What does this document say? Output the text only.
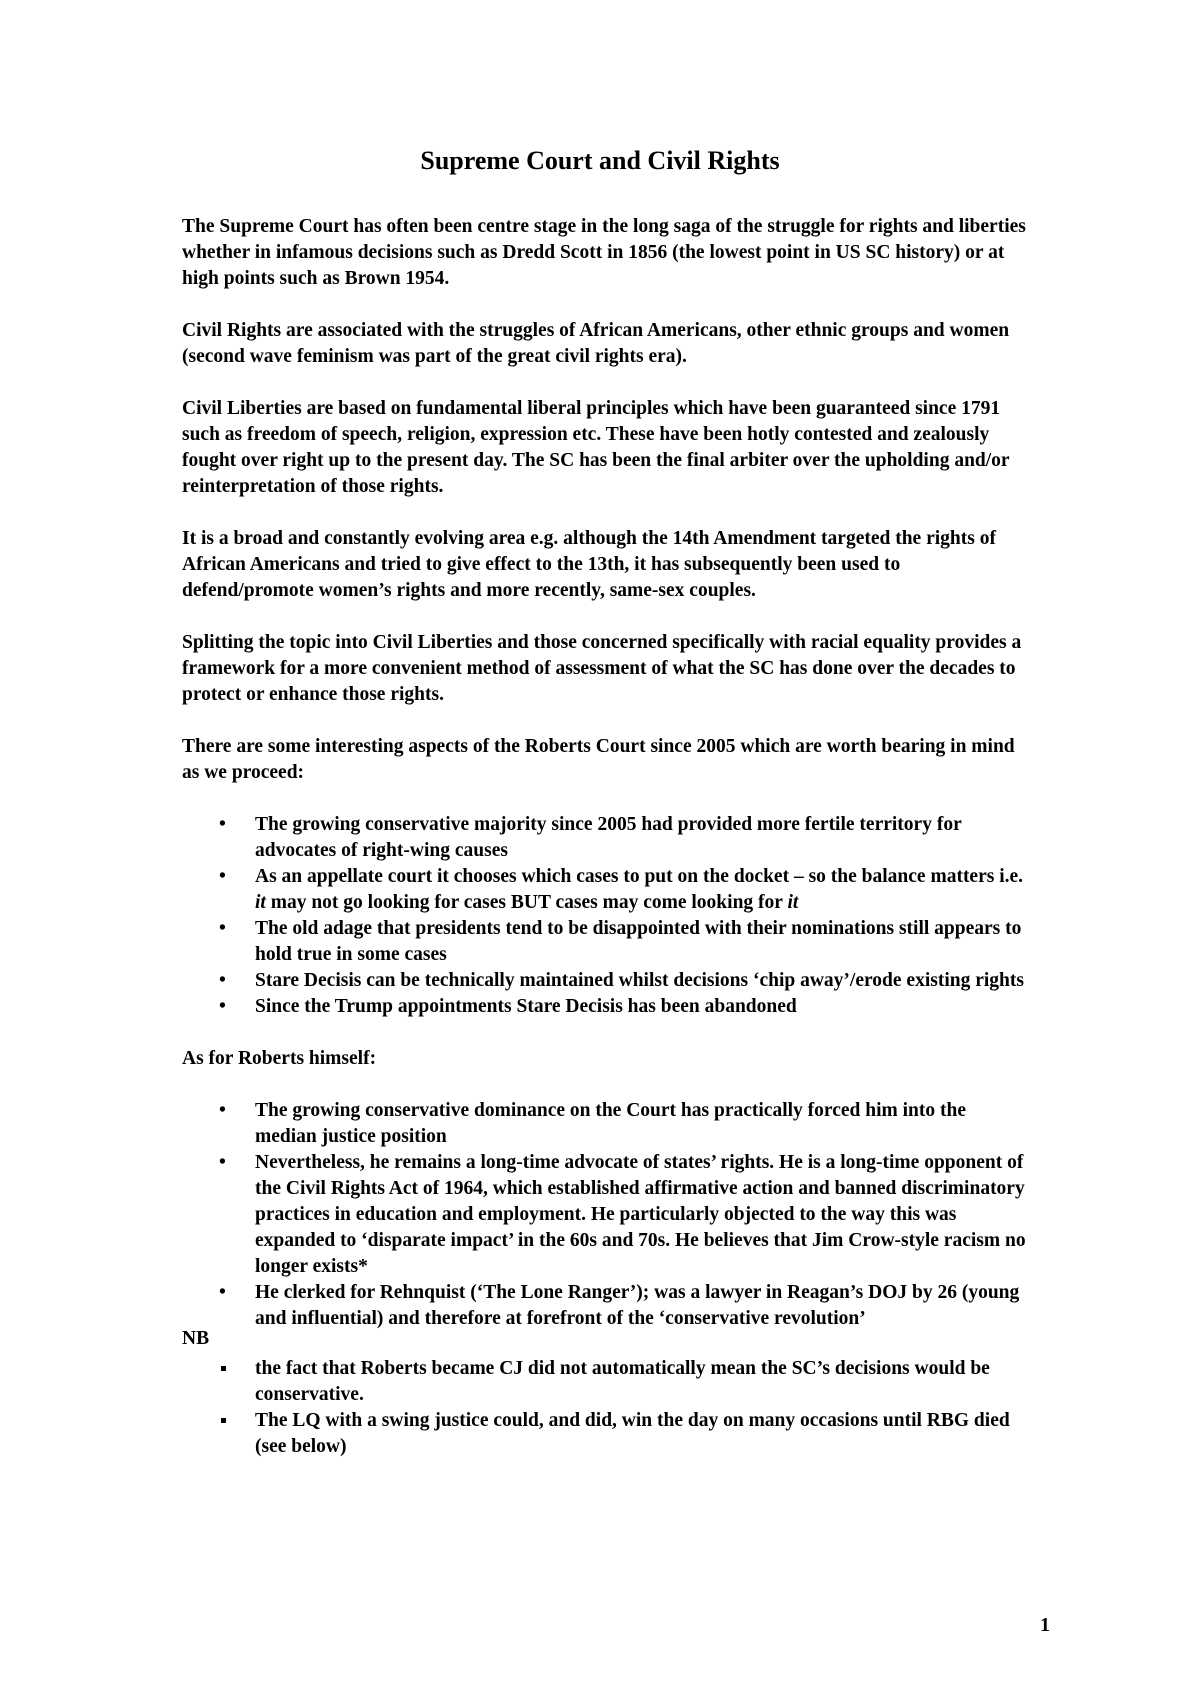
Supreme Court and Civil Rights

The Supreme Court has often been centre stage in the long saga of the struggle for rights and liberties whether in infamous decisions such as Dredd Scott in 1856 (the lowest point in US SC history) or at high points such as Brown 1954.

Civil Rights are associated with the struggles of African Americans, other ethnic groups and women (second wave feminism was part of the great civil rights era).

Civil Liberties are based on fundamental liberal principles which have been guaranteed since 1791 such as freedom of speech, religion, expression etc. These have been hotly contested and zealously fought over right up to the present day. The SC has been the final arbiter over the upholding and/or reinterpretation of those rights.

It is a broad and constantly evolving area e.g. although the 14th Amendment targeted the rights of African Americans and tried to give effect to the 13th, it has subsequently been used to defend/promote women’s rights and more recently, same-sex couples.

Splitting the topic into Civil Liberties and those concerned specifically with racial equality provides a framework for a more convenient method of assessment of what the SC has done over the decades to protect or enhance those rights.

There are some interesting aspects of the Roberts Court since 2005 which are worth bearing in mind as we proceed:

• The growing conservative majority since 2005 had provided more fertile territory for advocates of right-wing causes
• As an appellate court it chooses which cases to put on the docket – so the balance matters i.e. it may not go looking for cases BUT cases may come looking for it
• The old adage that presidents tend to be disappointed with their nominations still appears to hold true in some cases
• Stare Decisis can be technically maintained whilst decisions ‘chip away’/erode existing rights
• Since the Trump appointments Stare Decisis has been abandoned

As for Roberts himself:

• The growing conservative dominance on the Court has practically forced him into the median justice position
• Nevertheless, he remains a long-time advocate of states’ rights. He is a long-time opponent of the Civil Rights Act of 1964, which established affirmative action and banned discriminatory practices in education and employment. He particularly objected to the way this was expanded to ‘disparate impact’ in the 60s and 70s. He believes that Jim Crow-style racism no longer exists*
• He clerked for Rehnquist (‘The Lone Ranger’); was a lawyer in Reagan’s DOJ by 26 (young and influential) and therefore at forefront of the ‘conservative revolution’
NB
the fact that Roberts became CJ did not automatically mean the SC’s decisions would be conservative.
The LQ with a swing justice could, and did, win the day on many occasions until RBG died (see below)
1
